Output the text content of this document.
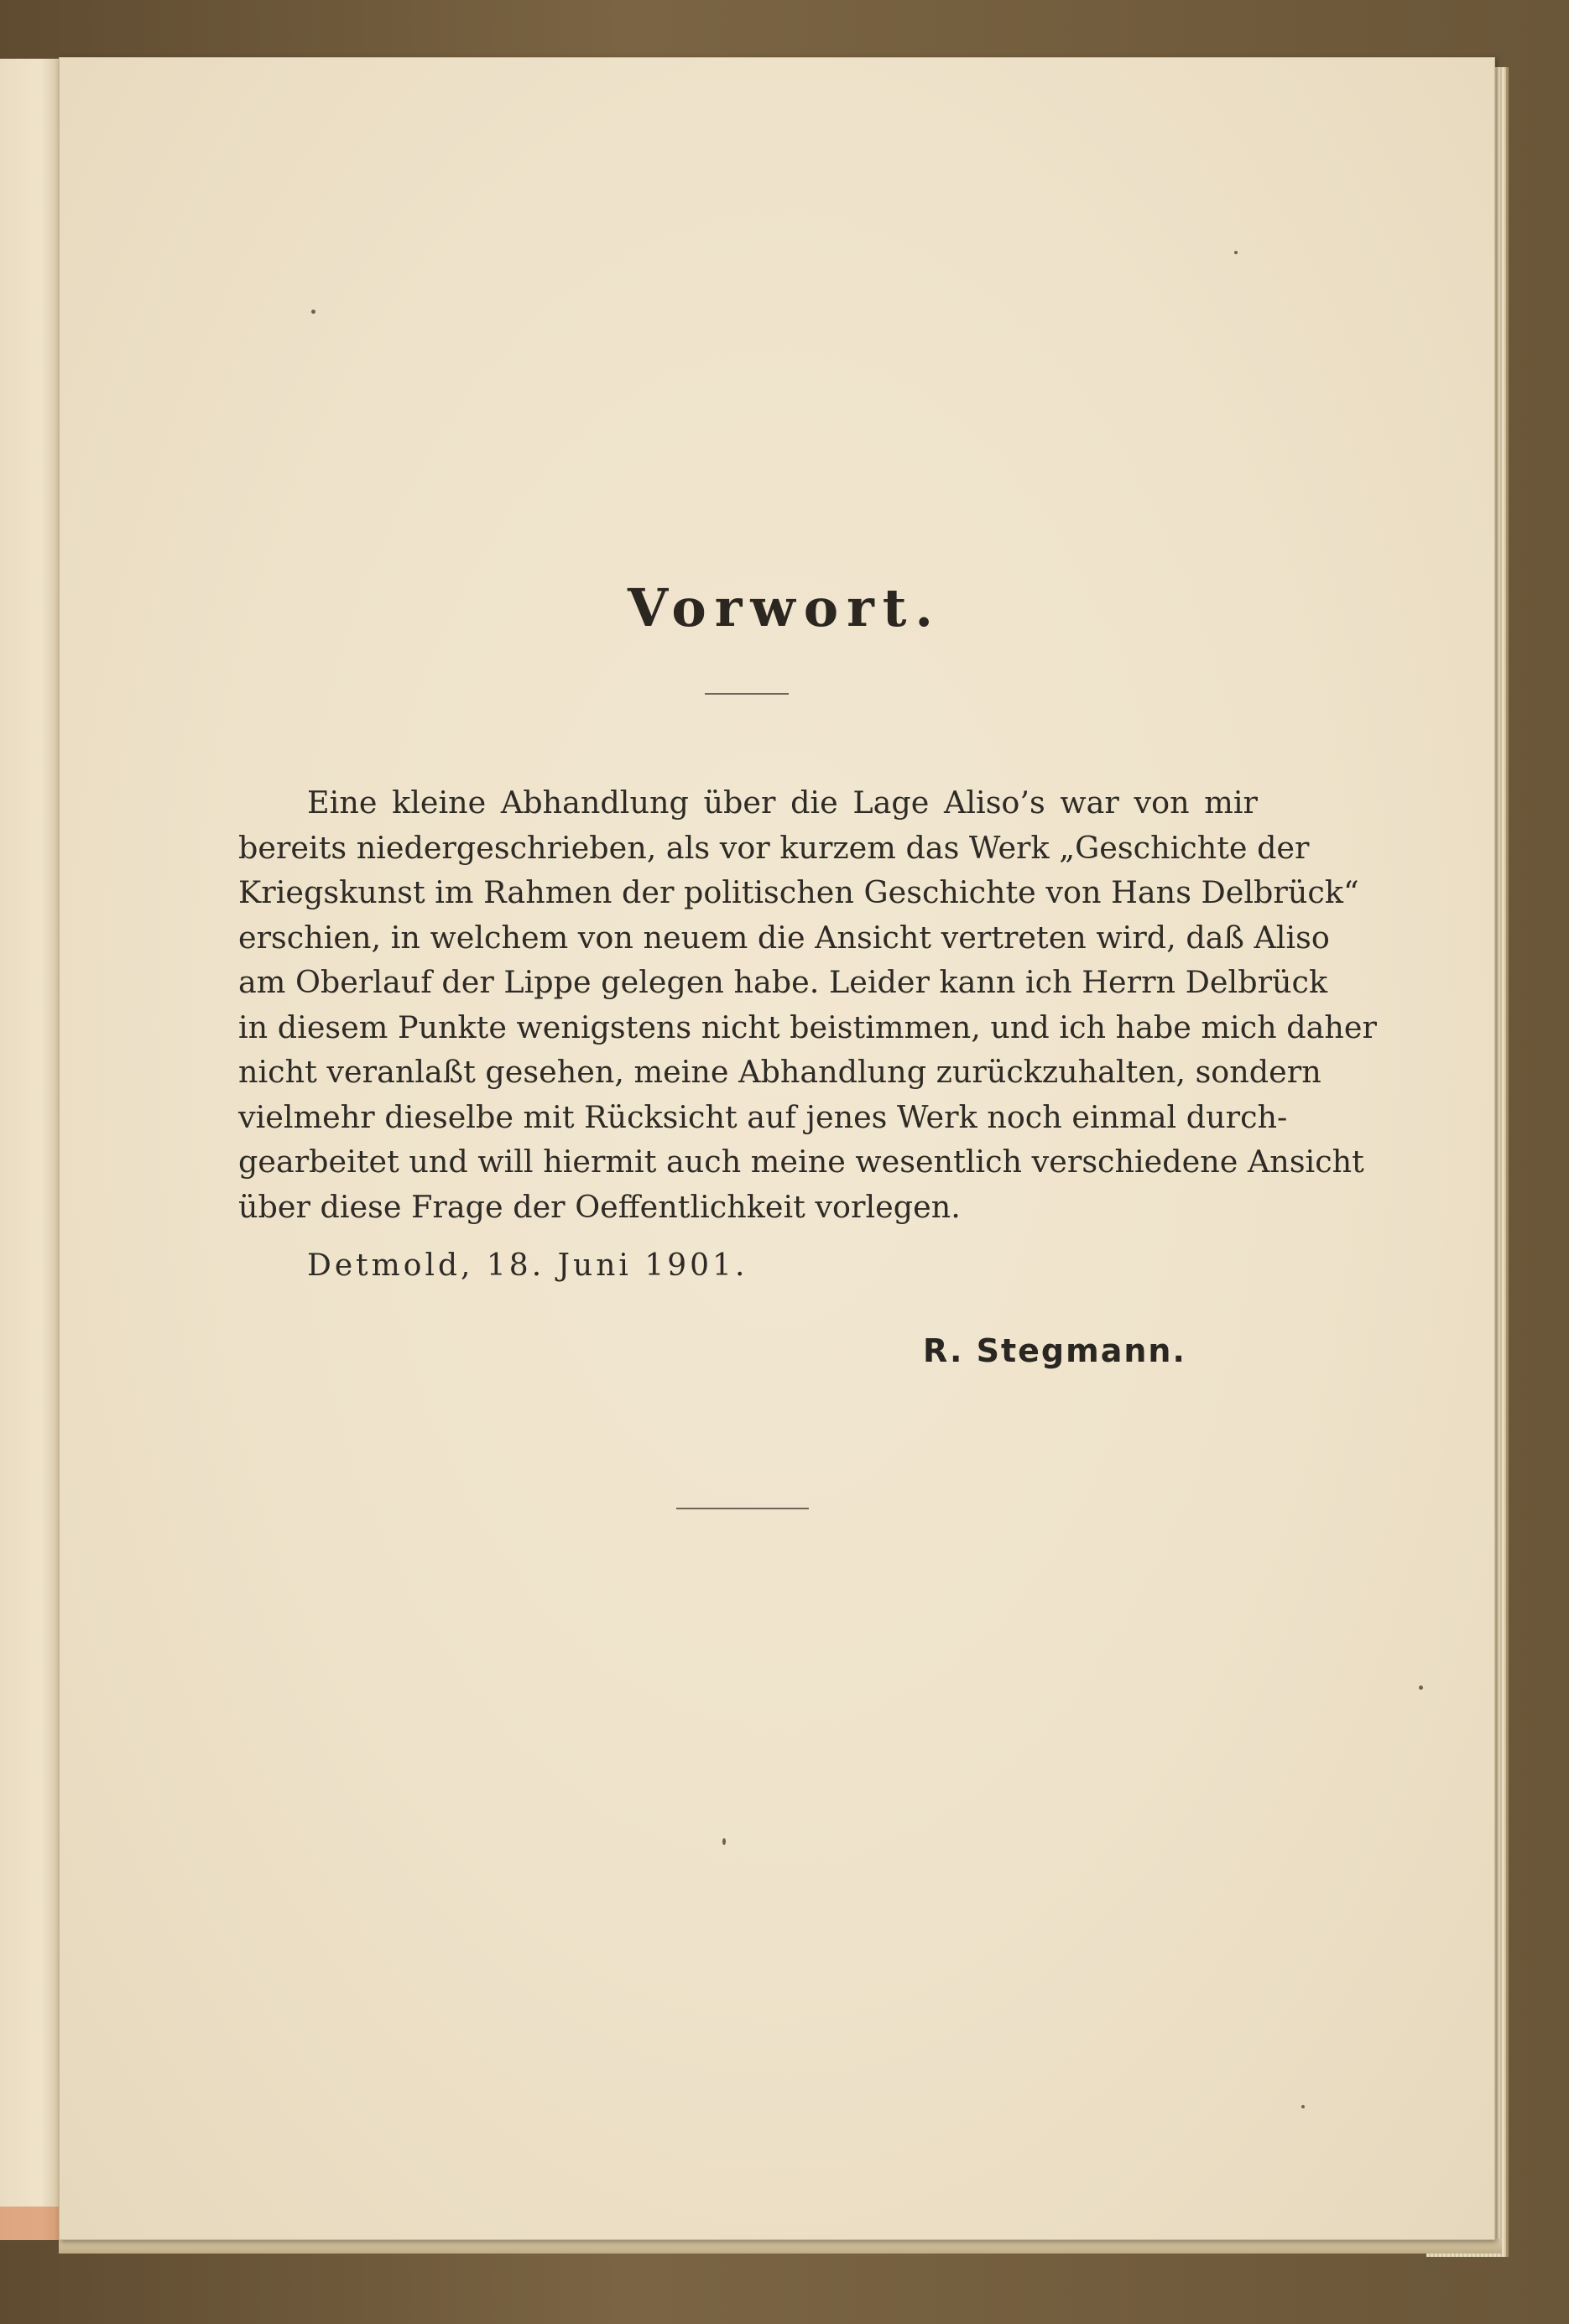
Vorwort.
Eine kleine Abhandlung über die Lage Aliso’s war von mir
bereits niedergeschrieben, als vor kurzem das Werk „Geschichte der
Kriegskunst im Rahmen der politischen Geschichte von Hans Delbrück“
erschien, in welchem von neuem die Ansicht vertreten wird, daß Aliso
am Oberlauf der Lippe gelegen habe. Leider kann ich Herrn Delbrück
in diesem Punkte wenigstens nicht beistimmen, und ich habe mich daher
nicht veranlaßt gesehen, meine Abhandlung zurückzuhalten, sondern
vielmehr dieselbe mit Rücksicht auf jenes Werk noch einmal durch-
gearbeitet und will hiermit auch meine wesentlich verschiedene Ansicht
über diese Frage der Oeffentlichkeit vorlegen.

Detmold, 18. Juni 1901.

R. Stegmann.
